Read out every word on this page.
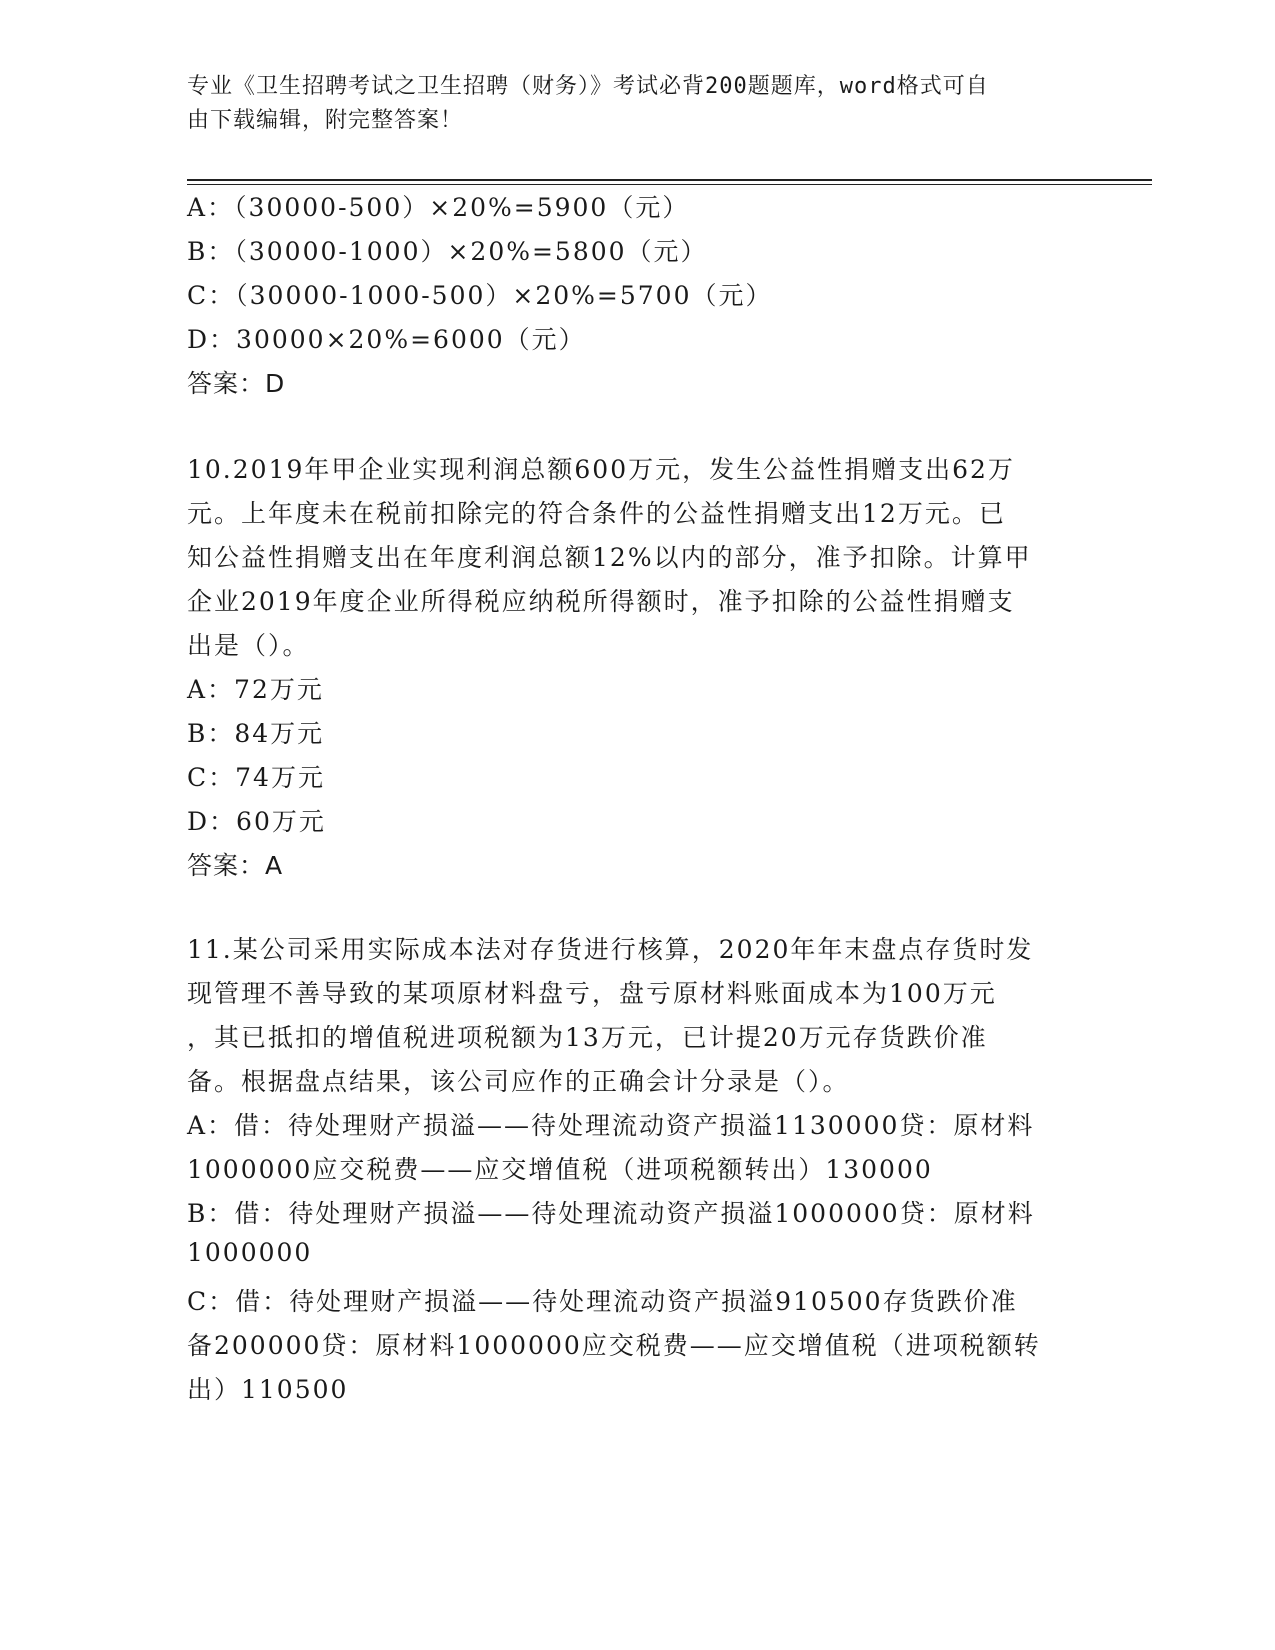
专业《卫生招聘考试之卫生招聘（财务）》考试必背200题题库，word格式可自
由下载编辑，附完整答案！
A：（30000-500）×20%=5900（元）
B：（30000-1000）×20%=5800（元）
C：（30000-1000-500）×20%=5700（元）
D：30000×20%=6000（元）
答案：D
10.2019年甲企业实现利润总额600万元，发生公益性捐赠支出62万
元。上年度未在税前扣除完的符合条件的公益性捐赠支出12万元。已
知公益性捐赠支出在年度利润总额12%以内的部分，准予扣除。计算甲
企业2019年度企业所得税应纳税所得额时，准予扣除的公益性捐赠支
出是（）。
A：72万元
B：84万元
C：74万元
D：60万元
答案：A
11.某公司采用实际成本法对存货进行核算，2020年年末盘点存货时发
现管理不善导致的某项原材料盘亏，盘亏原材料账面成本为100万元
，其已抵扣的增值税进项税额为13万元，已计提20万元存货跌价准
备。根据盘点结果，该公司应作的正确会计分录是（）。
A：借：待处理财产损溢——待处理流动资产损溢1130000贷：原材料
1000000应交税费——应交增值税（进项税额转出）130000
B：借：待处理财产损溢——待处理流动资产损溢1000000贷：原材料
1000000
C：借：待处理财产损溢——待处理流动资产损溢910500存货跌价准
备200000贷：原材料1000000应交税费——应交增值税（进项税额转
出）110500
